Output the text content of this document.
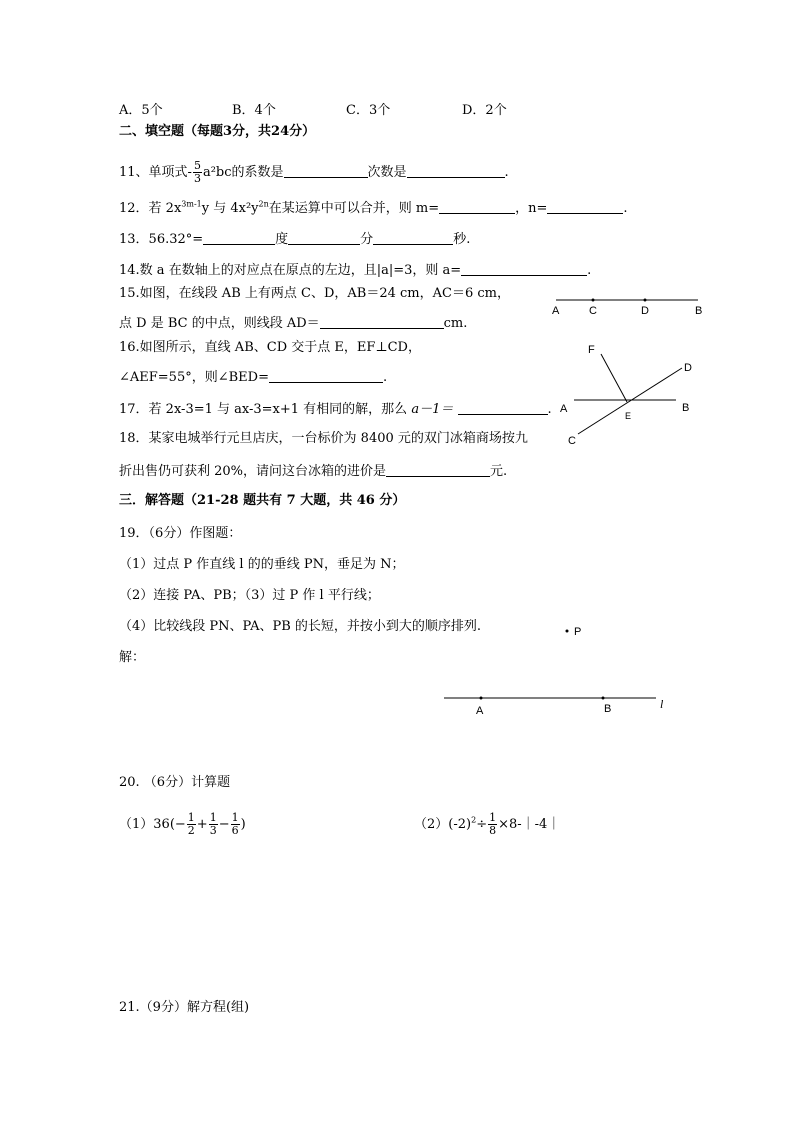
A．5个	B．4个	C．3个	D．2个
二、填空题（每题3分，共24分）
11、单项式- $\frac{5}{3} a^2bc$的系数是	次数是	.
12．若 $2x^{3m-1}y$ 与 $4x^2y^{2n}$在某运算中可以合并，则 m=	，n=	.
13．56.32°=	度	分	秒.
14.数 a 在数轴上的对应点在原点的左边，且|a|=3，则 a=	.
15.如图，在线段 AB 上有两点 C、D，AB＝24 cm，AC＝6 cm，
点 D 是 BC 的中点，则线段 AD＝	cm.
A	C	D	B
16.如图所示，直线 AB、CD 交于点 E，EF⊥CD，
∠AEF=55°，则∠BED=	.
F
D
A
E
B
C
17．若 2x-3=1 与 ax-3=x+1 有相同的解，那么 a－1＝	.
18．某家电城举行元旦店庆，一台标价为 8400 元的双门冰箱商场按九
折出售仍可获利 20%，请问这台冰箱的进价是	元.
三．解答题（21-28 题共有 7 大题，共 46 分）
19．（6分）作图题：
（1）过点 P 作直线 l 的的垂线 PN，垂足为 N；
（2）连接 PA、PB；（3）过 P 作 l 平行线；
（4）比较线段 PN、PA、PB 的长短，并按小到大的顺序排列.
解：
P
A	B	l
20. （6分）计算题
$(1)36(- \frac{1}{2} + \frac{1}{3} - \frac{1}{6}$ )	$(2)(-2)^2\div \frac{1}{8}$ ×8-｜-4｜
21.（9分）解方程(组)
